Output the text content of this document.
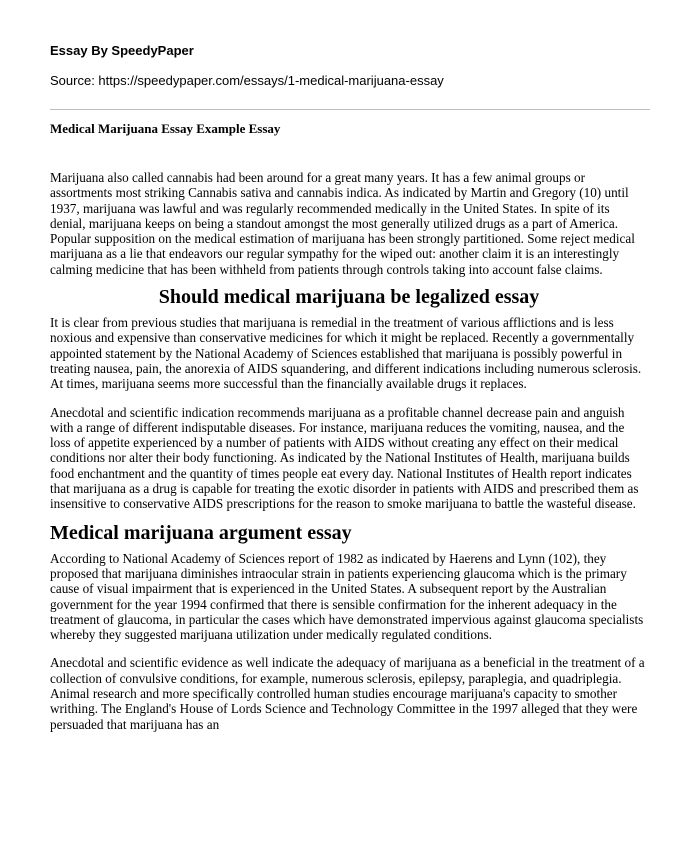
Essay By SpeedyPaper
Source: https://speedypaper.com/essays/1-medical-marijuana-essay
Medical Marijuana Essay Example Essay

Marijuana also called cannabis had been around for a great many years. It has a few animal groups or assortments most striking Cannabis sativa and cannabis indica. As indicated by Martin and Gregory (10) until 1937, marijuana was lawful and was regularly recommended medically in the United States. In spite of its denial, marijuana keeps on being a standout amongst the most generally utilized drugs as a part of America. Popular supposition on the medical estimation of marijuana has been strongly partitioned. Some reject medical marijuana as a lie that endeavors our regular sympathy for the wiped out: another claim it is an interestingly calming medicine that has been withheld from patients through controls taking into account false claims.

Should medical marijuana be legalized essay

It is clear from previous studies that marijuana is remedial in the treatment of various afflictions and is less noxious and expensive than conservative medicines for which it might be replaced. Recently a governmentally appointed statement by the National Academy of Sciences established that marijuana is possibly powerful in treating nausea, pain, the anorexia of AIDS squandering, and different indications including numerous sclerosis. At times, marijuana seems more successful than the financially available drugs it replaces.

Anecdotal and scientific indication recommends marijuana as a profitable channel decrease pain and anguish with a range of different indisputable diseases. For instance, marijuana reduces the vomiting, nausea, and the loss of appetite experienced by a number of patients with AIDS without creating any effect on their medical conditions nor alter their body functioning. As indicated by the National Institutes of Health, marijuana builds food enchantment and the quantity of times people eat every day. National Institutes of Health report indicates that marijuana as a drug is capable for treating the exotic disorder in patients with AIDS and prescribed them as insensitive to conservative AIDS prescriptions for the reason to smoke marijuana to battle the wasteful disease.

Medical marijuana argument essay

According to National Academy of Sciences report of 1982 as indicated by Haerens and Lynn (102), they proposed that marijuana diminishes intraocular strain in patients experiencing glaucoma which is the primary cause of visual impairment that is experienced in the United States. A subsequent report by the Australian government for the year 1994 confirmed that there is sensible confirmation for the inherent adequacy in the treatment of glaucoma, in particular the cases which have demonstrated impervious against glaucoma specialists whereby they suggested marijuana utilization under medically regulated conditions.

Anecdotal and scientific evidence as well indicate the adequacy of marijuana as a beneficial in the treatment of a collection of convulsive conditions, for example, numerous sclerosis, epilepsy, paraplegia, and quadriplegia. Animal research and more specifically controlled human studies encourage marijuana's capacity to smother writhing. The England's House of Lords Science and Technology Committee in the 1997 alleged that they were persuaded that marijuana has an
